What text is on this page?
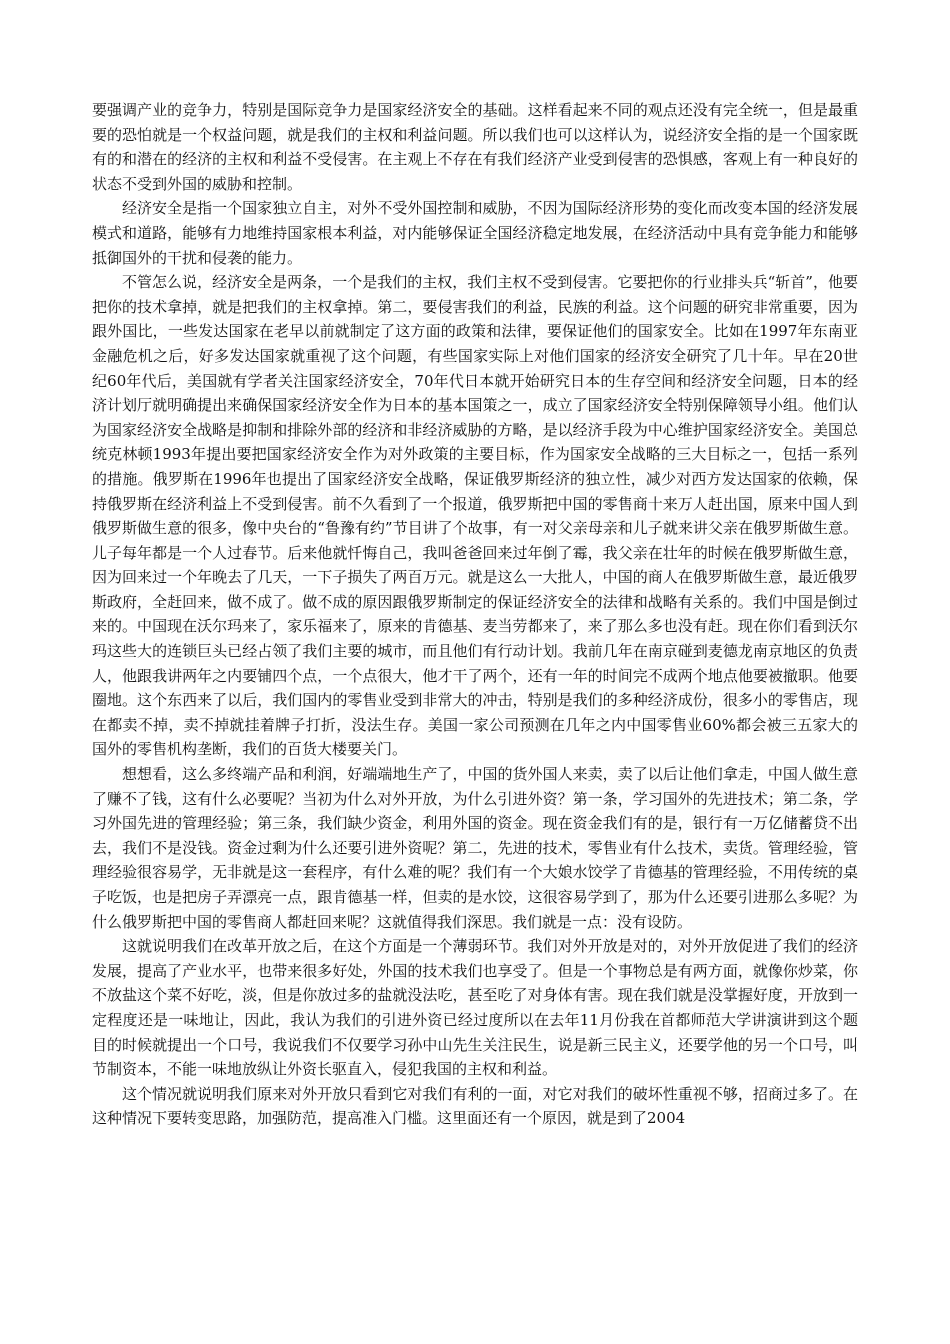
要强调产业的竞争力，特别是国际竞争力是国家经济安全的基础。这样看起来不同的观点还没有完全统一，但是最重要的恐怕就是一个权益问题，就是我们的主权和利益问题。所以我们也可以这样认为，说经济安全指的是一个国家既有的和潜在的经济的主权和利益不受侵害。在主观上不存在有我们经济产业受到侵害的恐惧感，客观上有一种良好的状态不受到外国的威胁和控制。

经济安全是指一个国家独立自主，对外不受外国控制和威胁，不因为国际经济形势的变化而改变本国的经济发展模式和道路，能够有力地维持国家根本利益，对内能够保证全国经济稳定地发展，在经济活动中具有竞争能力和能够抵御国外的干扰和侵袭的能力。

不管怎么说，经济安全是两条，一个是我们的主权，我们主权不受到侵害。它要把你的行业排头兵“斩首”，他要把你的技术拿掉，就是把我们的主权拿掉。第二，要侵害我们的利益，民族的利益。这个问题的研究非常重要，因为跟外国比，一些发达国家在老早以前就制定了这方面的政策和法律，要保证他们的国家安全。比如在1997年东南亚金融危机之后，好多发达国家就重视了这个问题，有些国家实际上对他们国家的经济安全研究了几十年。早在20世纪60年代后，美国就有学者关注国家经济安全，70年代日本就开始研究日本的生存空间和经济安全问题，日本的经济计划厅就明确提出来确保国家经济安全作为日本的基本国策之一，成立了国家经济安全特别保障领导小组。他们认为国家经济安全战略是抑制和排除外部的经济和非经济威胁的方略，是以经济手段为中心维护国家经济安全。美国总统克林顿1993年提出要把国家经济安全作为对外政策的主要目标，作为国家安全战略的三大目标之一，包括一系列的措施。俄罗斯在1996年也提出了国家经济安全战略，保证俄罗斯经济的独立性，减少对西方发达国家的依赖，保持俄罗斯在经济利益上不受到侵害。前不久看到了一个报道，俄罗斯把中国的零售商十来万人赶出国，原来中国人到俄罗斯做生意的很多，像中央台的“鲁豫有约”节目讲了个故事，有一对父亲母亲和儿子就来讲父亲在俄罗斯做生意。儿子每年都是一个人过春节。后来他就忏悔自己，我叫爸爸回来过年倒了霉，我父亲在壮年的时候在俄罗斯做生意，因为回来过一个年晚去了几天，一下子损失了两百万元。就是这么一大批人，中国的商人在俄罗斯做生意，最近俄罗斯政府，全赶回来，做不成了。做不成的原因跟俄罗斯制定的保证经济安全的法律和战略有关系的。我们中国是倒过来的。中国现在沃尔玛来了，家乐福来了，原来的肯德基、麦当劳都来了，来了那么多也没有赶。现在你们看到沃尔玛这些大的连锁巨头已经占领了我们主要的城市，而且他们有行动计划。我前几年在南京碰到麦德龙南京地区的负责人，他跟我讲两年之内要铺四个点，一个点很大，他才干了两个，还有一年的时间完不成两个地点他要被撤职。他要圈地。这个东西来了以后，我们国内的零售业受到非常大的冲击，特别是我们的多种经济成份，很多小的零售店，现在都卖不掉，卖不掉就挂着牌子打折，没法生存。美国一家公司预测在几年之内中国零售业60%都会被三五家大的国外的零售机构垄断，我们的百货大楼要关门。

想想看，这么多终端产品和利润，好端端地生产了，中国的货外国人来卖，卖了以后让他们拿走，中国人做生意了赚不了钱，这有什么必要呢？当初为什么对外开放，为什么引进外资？第一条，学习国外的先进技术；第二条，学习外国先进的管理经验；第三条，我们缺少资金，利用外国的资金。现在资金我们有的是，银行有一万亿储蓄贷不出去，我们不是没钱。资金过剩为什么还要引进外资呢？第二，先进的技术，零售业有什么技术，卖货。管理经验，管理经验很容易学，无非就是这一套程序，有什么难的呢？我们有一个大娘水饺学了肯德基的管理经验，不用传统的桌子吃饭，也是把房子弄漂亮一点，跟肯德基一样，但卖的是水饺，这很容易学到了，那为什么还要引进那么多呢？为什么俄罗斯把中国的零售商人都赶回来呢？这就值得我们深思。我们就是一点：没有设防。

这就说明我们在改革开放之后，在这个方面是一个薄弱环节。我们对外开放是对的，对外开放促进了我们的经济发展，提高了产业水平，也带来很多好处，外国的技术我们也享受了。但是一个事物总是有两方面，就像你炒菜，你不放盐这个菜不好吃，淡，但是你放过多的盐就没法吃，甚至吃了对身体有害。现在我们就是没掌握好度，开放到一定程度还是一味地让，因此，我认为我们的引进外资已经过度所以在去年11月份我在首都师范大学讲演讲到这个题目的时候就提出一个口号，我说我们不仅要学习孙中山先生关注民生，说是新三民主义，还要学他的另一个口号，叫节制资本，不能一味地放纵让外资长驱直入，侵犯我国的主权和利益。

这个情况就说明我们原来对外开放只看到它对我们有利的一面，对它对我们的破坏性重视不够，招商过多了。在这种情况下要转变思路，加强防范，提高准入门槛。这里面还有一个原因，就是到了2004
